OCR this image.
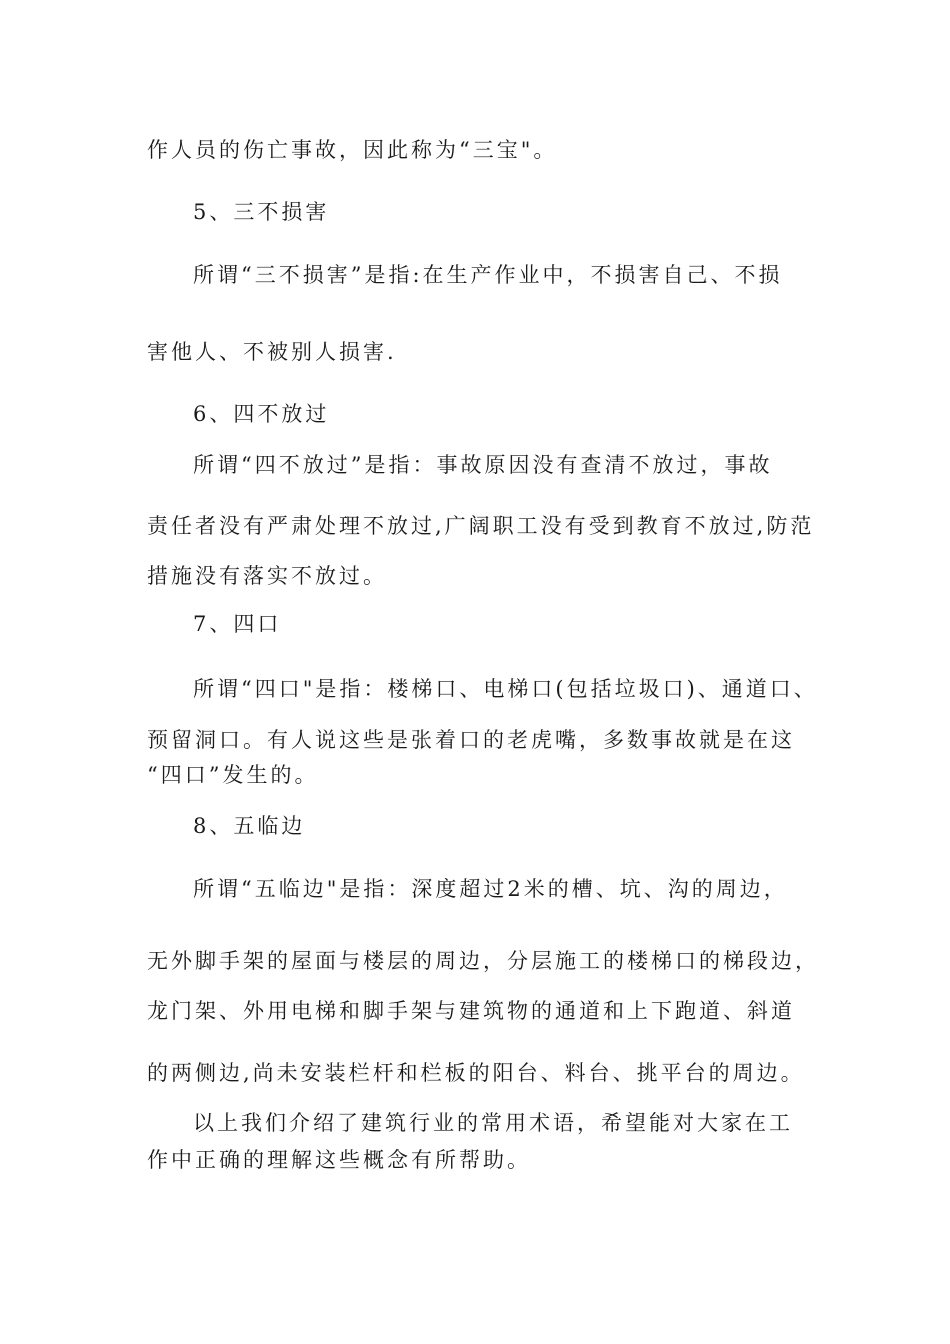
作人员的伤亡事故，因此称为“三宝"。
5、三不损害
所谓“三不损害”是指:在生产作业中，不损害自己、不损
害他人、不被别人损害.
6、四不放过
所谓“四不放过”是指：事故原因没有查清不放过，事故
责任者没有严肃处理不放过,广阔职工没有受到教育不放过,防范
措施没有落实不放过。
7、四口
所谓“四口"是指：楼梯口、电梯口(包括垃圾口)、通道口、
预留洞口。有人说这些是张着口的老虎嘴，多数事故就是在这
“四口”发生的。
8、五临边
所谓“五临边"是指：深度超过2米的槽、坑、沟的周边，
无外脚手架的屋面与楼层的周边，分层施工的楼梯口的梯段边，
龙门架、外用电梯和脚手架与建筑物的通道和上下跑道、斜道
的两侧边,尚未安装栏杆和栏板的阳台、料台、挑平台的周边。
以上我们介绍了建筑行业的常用术语，希望能对大家在工
作中正确的理解这些概念有所帮助。
